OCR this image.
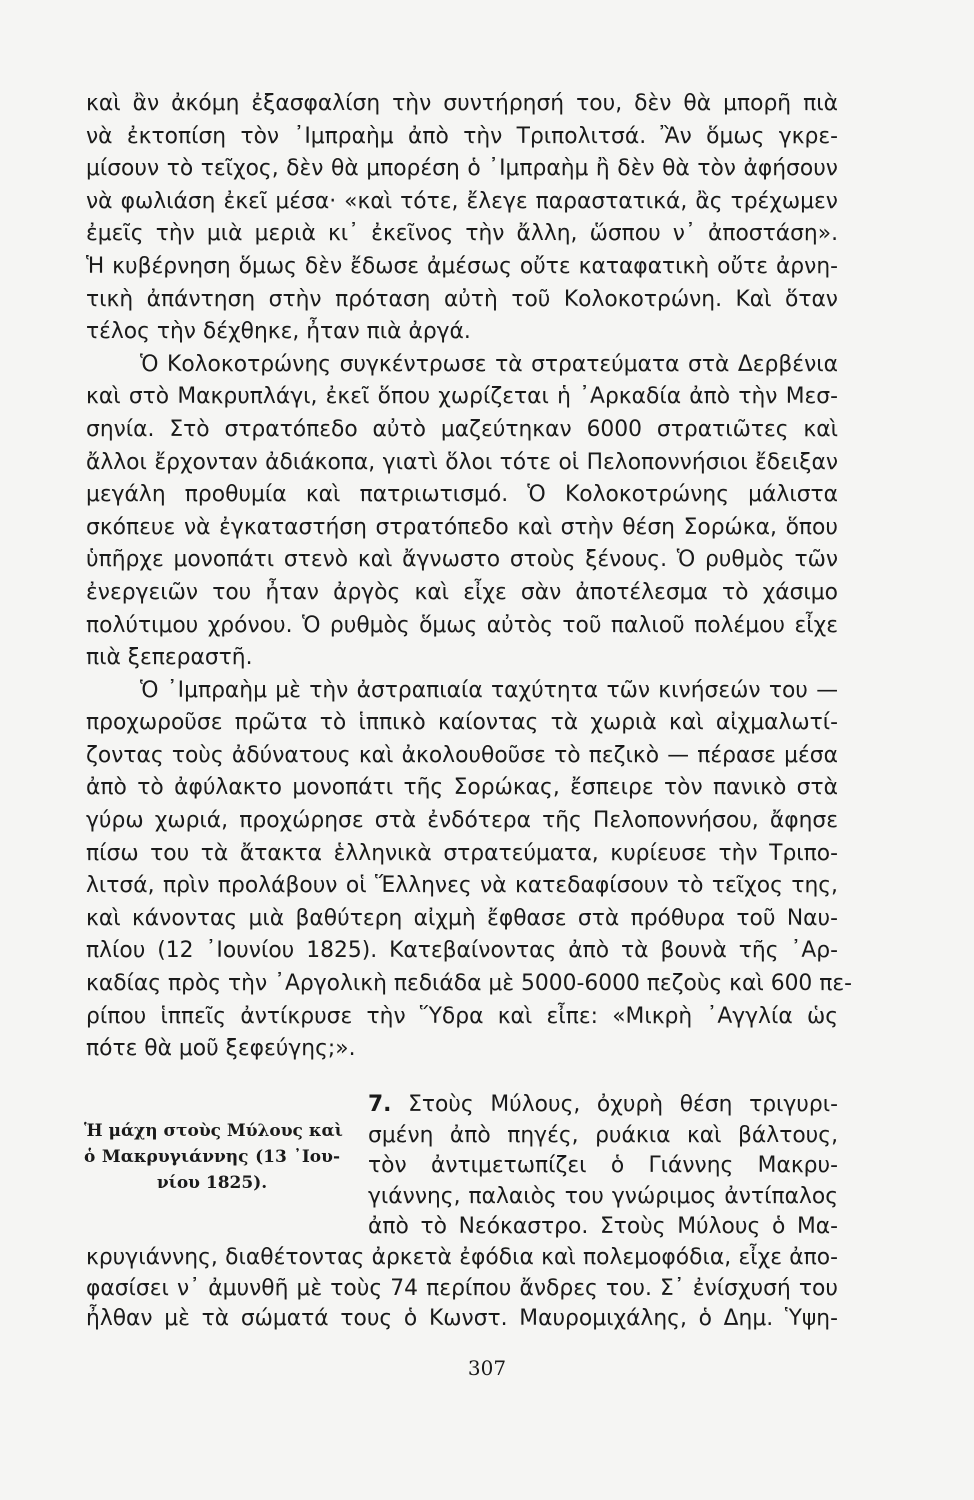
καὶ ἂν ἀκόμη ἐξασφαλίση τὴν συντήρησή του, δὲν θὰ μπορῆ πιὰ
νὰ ἐκτοπίση τὸν ᾿Ιμπραὴμ ἀπὸ τὴν Τριπολιτσά. Ἂν ὅμως γκρε-
μίσουν τὸ τεῖχος, δὲν θὰ μπορέση ὁ ᾿Ιμπραὴμ ἢ δὲν θὰ τὸν ἀφήσουν
νὰ φωλιάση ἐκεῖ μέσα· «καὶ τότε, ἔλεγε παραστατικά, ἂς τρέχωμεν
ἐμεῖς τὴν μιὰ μεριὰ κι᾿ ἐκεῖνος τὴν ἄλλη, ὥσπου ν᾿ ἀποστάση».
Ἡ κυβέρνηση ὅμως δὲν ἔδωσε ἀμέσως οὔτε καταφατικὴ οὔτε ἀρνη-
τικὴ ἀπάντηση στὴν πρόταση αὐτὴ τοῦ Κολοκοτρώνη. Καὶ ὅταν
τέλος τὴν δέχθηκε, ἦταν πιὰ ἀργά.
Ὁ Κολοκοτρώνης συγκέντρωσε τὰ στρατεύματα στὰ Δερβένια
καὶ στὸ Μακρυπλάγι, ἐκεῖ ὅπου χωρίζεται ἡ ᾿Αρκαδία ἀπὸ τὴν Μεσ-
σηνία. Στὸ στρατόπεδο αὐτὸ μαζεύτηκαν 6000 στρατιῶτες καὶ
ἄλλοι ἔρχονταν ἀδιάκοπα, γιατὶ ὅλοι τότε οἱ Πελοποννήσιοι ἔδειξαν
μεγάλη προθυμία καὶ πατριωτισμό. Ὁ Κολοκοτρώνης μάλιστα
σκόπευε νὰ ἐγκαταστήση στρατόπεδο καὶ στὴν θέση Σορώκα, ὅπου
ὑπῆρχε μονοπάτι στενὸ καὶ ἄγνωστο στοὺς ξένους. Ὁ ρυθμὸς τῶν
ἐνεργειῶν του ἦταν ἀργὸς καὶ εἶχε σὰν ἀποτέλεσμα τὸ χάσιμο
πολύτιμου χρόνου. Ὁ ρυθμὸς ὅμως αὐτὸς τοῦ παλιοῦ πολέμου εἶχε
πιὰ ξεπεραστῆ.
Ὁ ᾿Ιμπραὴμ μὲ τὴν ἀστραπιαία ταχύτητα τῶν κινήσεών του —
προχωροῦσε πρῶτα τὸ ἱππικὸ καίοντας τὰ χωριὰ καὶ αἰχμαλωτί-
ζοντας τοὺς ἀδύνατους καὶ ἀκολουθοῦσε τὸ πεζικὸ — πέρασε μέσα
ἀπὸ τὸ ἀφύλακτο μονοπάτι τῆς Σορώκας, ἔσπειρε τὸν πανικὸ στὰ
γύρω χωριά, προχώρησε στὰ ἐνδότερα τῆς Πελοποννήσου, ἄφησε
πίσω του τὰ ἄτακτα ἑλληνικὰ στρατεύματα, κυρίευσε τὴν Τριπο-
λιτσά, πρὶν προλάβουν οἱ Ἕλληνες νὰ κατεδαφίσουν τὸ τεῖχος της,
καὶ κάνοντας μιὰ βαθύτερη αἰχμὴ ἔφθασε στὰ πρόθυρα τοῦ Ναυ-
πλίου (12 ᾿Ιουνίου 1825). Κατεβαίνοντας ἀπὸ τὰ βουνὰ τῆς ᾿Αρ-
καδίας πρὸς τὴν ᾿Αργολικὴ πεδιάδα μὲ 5000-6000 πεζοὺς καὶ 600 πε-
ρίπου ἱππεῖς ἀντίκρυσε τὴν Ὕδρα καὶ εἶπε: «Μικρὴ ᾿Αγγλία ὡς
πότε θὰ μοῦ ξεφεύγης;».
Ἡ μάχη στοὺς Μύλους καὶ
ὁ Μακρυγιάννης (13 ᾿Ιου-
νίου 1825).
7. Στοὺς Μύλους, ὀχυρὴ θέση τριγυρι-
σμένη ἀπὸ πηγές, ρυάκια καὶ βάλτους,
τὸν ἀντιμετωπίζει ὁ Γιάννης Μακρυ-
γιάννης, παλαιὸς του γνώριμος ἀντίπαλος
ἀπὸ τὸ Νεόκαστρο. Στοὺς Μύλους ὁ Μα-
κρυγιάννης, διαθέτοντας ἀρκετὰ ἐφόδια καὶ πολεμοφόδια, εἶχε ἀπο-
φασίσει ν᾿ ἀμυνθῆ μὲ τοὺς 74 περίπου ἄνδρες του. Σ᾿ ἐνίσχυσή του
ἦλθαν μὲ τὰ σώματά τους ὁ Κωνστ. Μαυρομιχάλης, ὁ Δημ. Ὑψη-
307
